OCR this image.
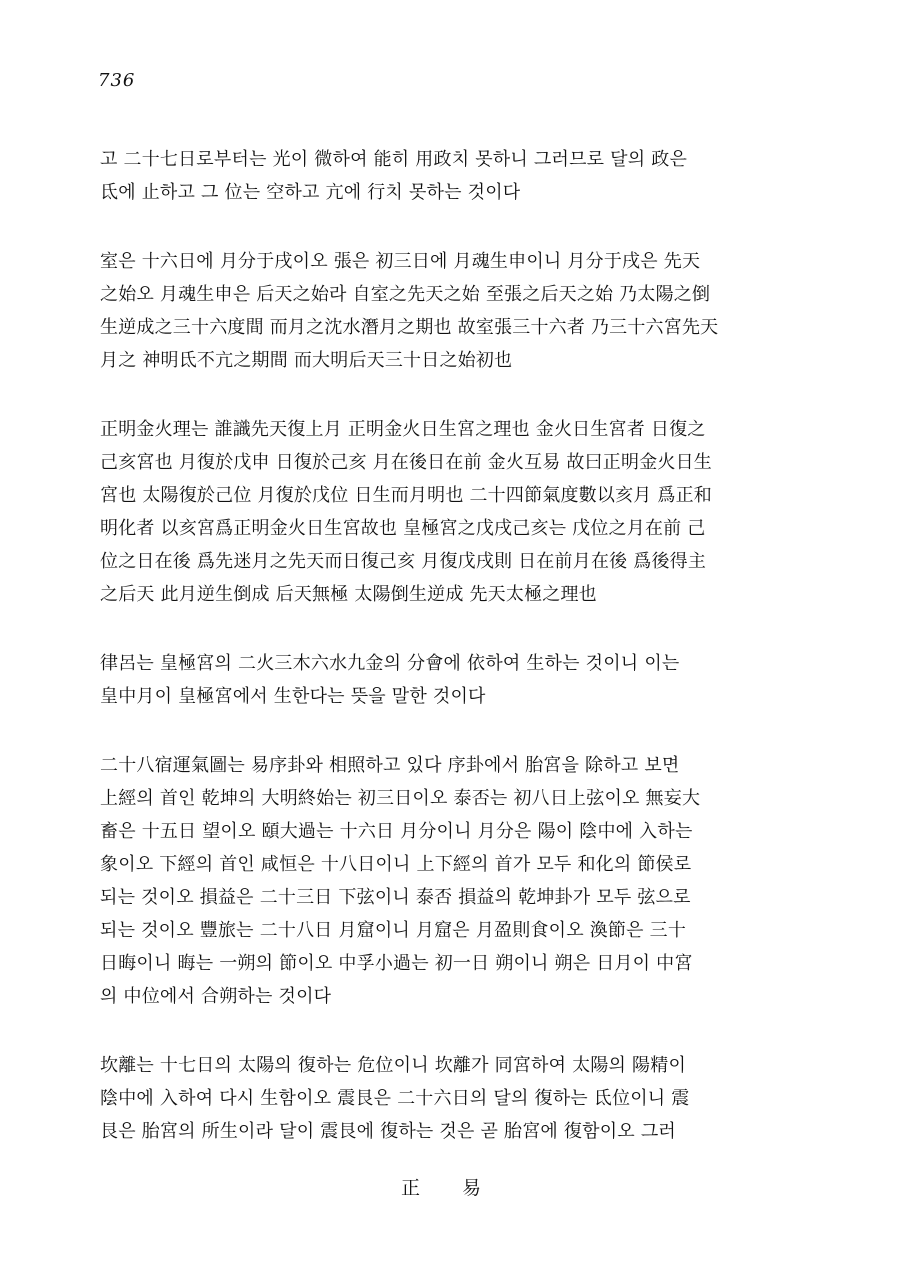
736
고 二十七日로부터는 光이 微하여 能히 用政치 못하니 그러므로 달의 政은
氐에 止하고 그 位는 空하고 亢에 行치 못하는 것이다
室은 十六日에 月分于戌이오 張은 初三日에 月魂生申이니 月分于戌은 先天
之始오 月魂生申은 后天之始라 自室之先天之始 至張之后天之始 乃太陽之倒
生逆成之三十六度間 而月之沈水潛月之期也 故室張三十六者 乃三十六宮先天
月之 神明氐不亢之期間 而大明后天三十日之始初也
正明金火理는 誰識先天復上月 正明金火日生宮之理也 金火日生宮者 日復之
己亥宮也 月復於戊申 日復於己亥 月在後日在前 金火互易 故曰正明金火日生
宮也 太陽復於己位 月復於戊位 日生而月明也 二十四節氣度數以亥月 爲正和
明化者 以亥宮爲正明金火日生宮故也 皇極宮之戊戌己亥는 戊位之月在前 己
位之日在後 爲先迷月之先天而日復己亥 月復戊戌則 日在前月在後 爲後得主
之后天 此月逆生倒成 后天無極 太陽倒生逆成 先天太極之理也
律呂는 皇極宮의 二火三木六水九金의 分會에 依하여 生하는 것이니 이는
皇中月이 皇極宮에서 生한다는 뜻을 말한 것이다
二十八宿運氣圖는 易序卦와 相照하고 있다 序卦에서 胎宮을 除하고 보면
上經의 首인 乾坤의 大明終始는 初三日이오 泰否는 初八日上弦이오 無妄大
畜은 十五日 望이오 頤大過는 十六日 月分이니 月分은 陽이 陰中에 入하는
象이오 下經의 首인 咸恒은 十八日이니 上下經의 首가 모두 和化의 節侯로
되는 것이오 損益은 二十三日 下弦이니 泰否 損益의 乾坤卦가 모두 弦으로
되는 것이오 豐旅는 二十八日 月窟이니 月窟은 月盈則食이오 渙節은 三十
日晦이니 晦는 一朔의 節이오 中孚小過는 初一日 朔이니 朔은 日月이 中宮
의 中位에서 合朔하는 것이다
坎離는 十七日의 太陽의 復하는 危位이니 坎離가 同宮하여 太陽의 陽精이
陰中에 入하여 다시 生함이오 震艮은 二十六日의 달의 復하는 氐位이니 震
艮은 胎宮의 所生이라 달이 震艮에 復하는 것은 곧 胎宮에 復함이오 그러
正 易
